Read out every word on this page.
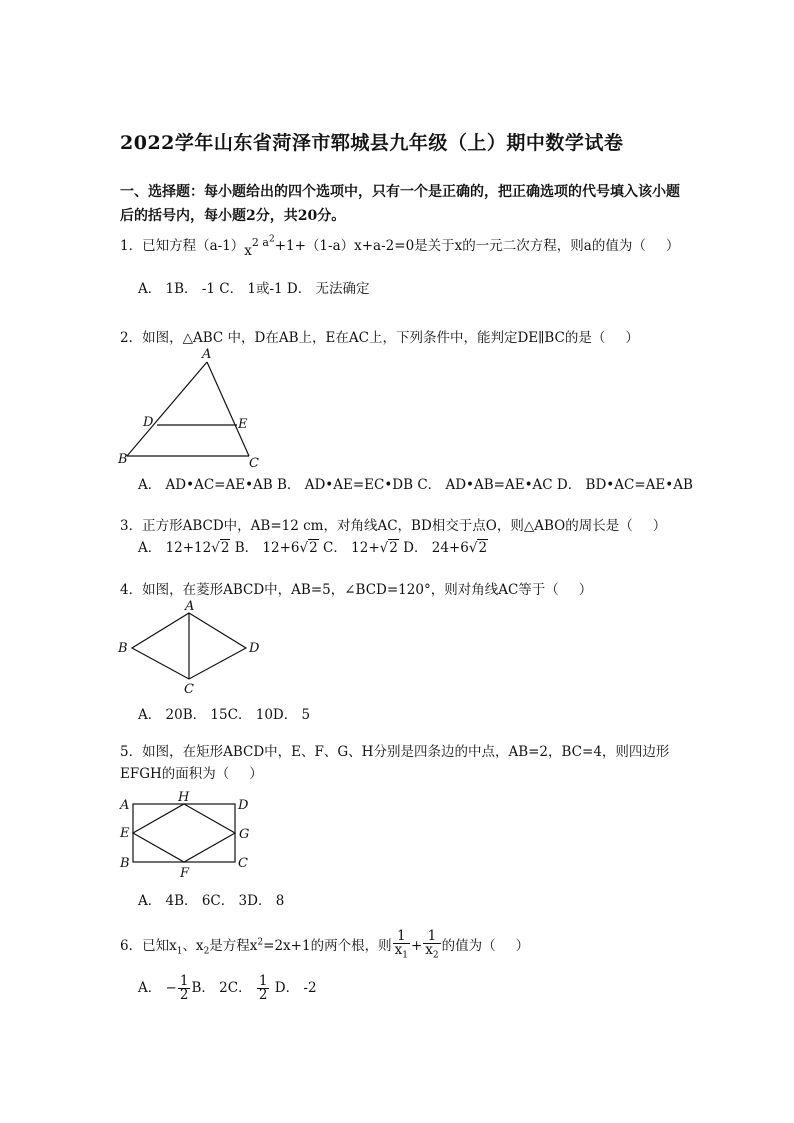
2022学年山东省菏泽市郓城县九年级（上）期中数学试卷
一、选择题：每小题给出的四个选项中，只有一个是正确的，把正确选项的代号填入该小题后的括号内，每小题2分，共20分。
1．已知方程$(a-1)x^{2 a^2}+1+(1-a)x+a-2=0$是关于x的一元二次方程，则a的值为（ ）
A． 1B． -1 C． 1或-1 D． 无法确定
2．如图，△ABC 中，D在AB上，E在AC上，下列条件中，能判定DE∥BC的是（ ）
A
D	E
B	C
A． AD•AC=AE•AB B． AD•AE=EC•DB C． AD•AB=AE•AC D． BD•AC=AE•AB
3．正方形ABCD中，AB=12 cm，对角线AC，BD相交于点O，则△ABO的周长是（ ）
A． 12+12√2 B． 12+6√2 C． 12+√2 D． 24+6√2
4．如图，在菱形ABCD中，AB=5，∠BCD=120°，则对角线AC等于（ ）
A
B	D
C
A． 20B． 15C． 10D． 5
5．如图，在矩形ABCD中，E、F、G、H分别是四条边的中点，AB=2，BC=4，则四边形EFGH的面积为（ ）
A
H
D
E	G
B	C
F
A． 4B． 6C． 3D． 8
6．已知$x_1$、$x_2$是方程$x^2=2x+1$的两个根，则 $\frac{1}{x_1} + \frac{1}{x_2}$ 的值为（ ）
A． − $\frac{1}{2}$ B． 2C． $\frac{1}{2}$ D． -2
